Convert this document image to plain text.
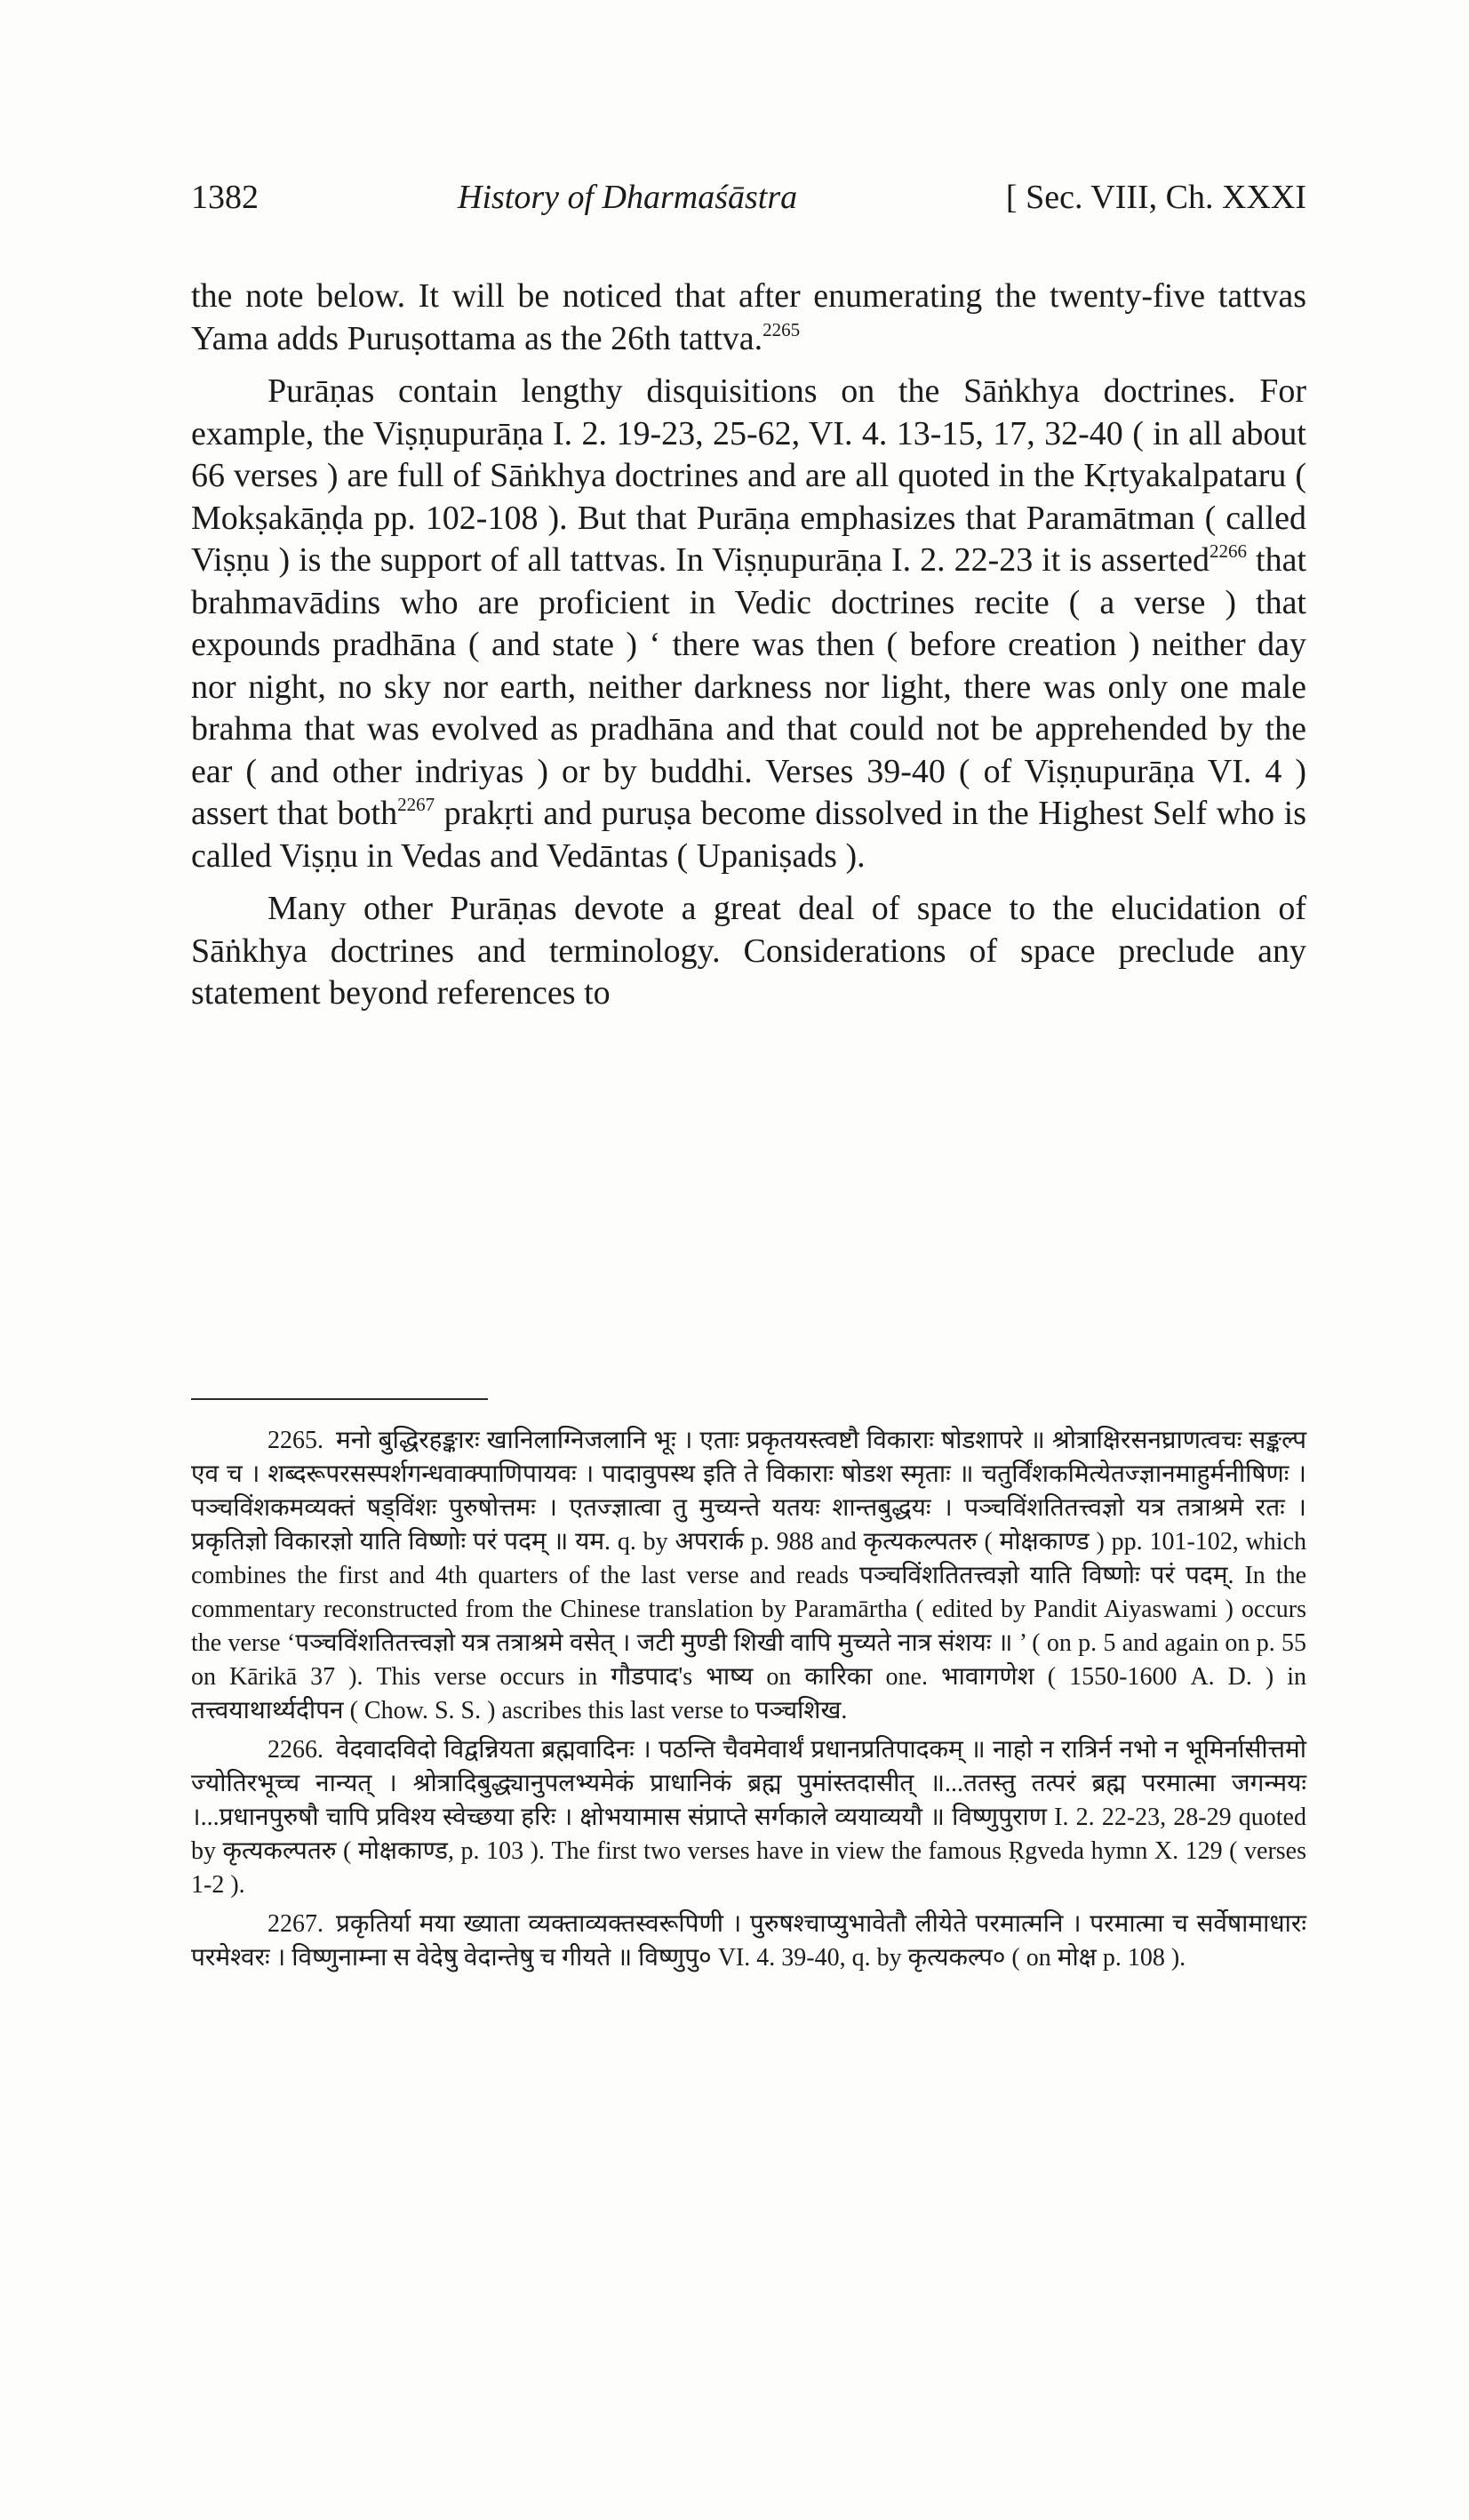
1382	History of Dharmaśāstra	[ Sec. VIII, Ch. XXXI

the note below. It will be noticed that after enumerating the twenty-five tattvas Yama adds Puruṣottama as the 26th tattva.$^{2265}$

Purāṇas contain lengthy disquisitions on the Sāṅkhya doctrines. For example, the Viṣṇupurāṇa I. 2. 19-23, 25-62, VI. 4. 13-15, 17, 32-40 ( in all about 66 verses ) are full of Sāṅkhya doctrines and are all quoted in the Kṛtyakalpataru ( Mokṣakāṇḍa pp. 102-108 ). But that Purāṇa emphasizes that Paramātman ( called Viṣṇu ) is the support of all tattvas. In Viṣṇupurāṇa I. 2. 22-23 it is asserted$^{2266}$ that brahmavādins who are proficient in Vedic doctrines recite ( a verse ) that expounds pradhāna ( and state ) ‘ there was then ( before creation ) neither day nor night, no sky nor earth, neither darkness nor light, there was only one male brahma that was evolved as pradhāna and that could not be apprehended by the ear ( and other indriyas ) or by buddhi. Verses 39-40 ( of Viṣṇupurāṇa VI. 4 ) assert that both$^{2267}$ prakṛti and puruṣa become dissolved in the Highest Self who is called Viṣṇu in Vedas and Vedāntas ( Upaniṣads ).

Many other Purāṇas devote a great deal of space to the elucidation of Sāṅkhya doctrines and terminology. Considerations of space preclude any statement beyond references to

2265. मनो बुद्धिरहङ्कारः खानिलाग्निजलानि भूः । एताः प्रकृतयस्त्वष्टौ विकाराः षोडशापरे ॥ श्रोत्राक्षिरसनघ्राणत्वचः सङ्कल्प एव च । शब्दरूपरसस्पर्शगन्धवाक्पाणिपायवः । पादावुपस्थ इति ते विकाराः षोडश स्मृताः ॥ चतुर्विंशकमित्येतज्ज्ञानमाहुर्मनीषिणः । पञ्चविंशकमव्यक्तं षड्विंशः पुरुषोत्तमः । एतज्ज्ञात्वा तु मुच्यन्ते यतयः शान्तबुद्धयः । पञ्चविंशतितत्त्वज्ञो यत्र तत्राश्रमे रतः । प्रकृतिज्ञो विकारज्ञो याति विष्णोः परं पदम् ॥ यम. q. by अपरार्क p. 988 and कृत्यकल्पतरु ( मोक्षकाण्ड ) pp. 101-102, which combines the first and 4th quarters of the last verse and reads पञ्चविंशतितत्त्वज्ञो याति विष्णोः परं पदम्. In the commentary reconstructed from the Chinese translation by Paramārtha ( edited by Pandit Aiyaswami ) occurs the verse ‘पञ्चविंशतितत्त्वज्ञो यत्र तत्राश्रमे वसेत् । जटी मुण्डी शिखी वापि मुच्यते नात्र संशयः ॥ ’ ( on p. 5 and again on p. 55 on Kārikā 37 ). This verse occurs in गौडपाद's भाष्य on कारिका one. भावागणेश ( 1550-1600 A. D. ) in तत्त्वयाथार्थ्यदीपन ( Chow. S. S. ) ascribes this last verse to पञ्चशिख.

2266. वेदवादविदो विद्वन्नियता ब्रह्मवादिनः । पठन्ति चैवमेवार्थं प्रधानप्रतिपादकम् ॥ नाहो न रात्रिर्न नभो न भूमिर्नासीत्तमो ज्योतिरभूच्च नान्यत् । श्रोत्रादिबुद्ध्यानुपलभ्यमेकं प्राधानिकं ब्रह्म पुमांस्तदासीत् ॥...ततस्तु तत्परं ब्रह्म परमात्मा जगन्मयः ।...प्रधानपुरुषौ चापि प्रविश्य स्वेच्छया हरिः । क्षोभयामास संप्राप्ते सर्गकाले व्ययाव्ययौ ॥ विष्णुपुराण I. 2. 22-23, 28-29 quoted by कृत्यकल्पतरु ( मोक्षकाण्ड, p. 103 ). The first two verses have in view the famous Ṛgveda hymn X. 129 ( verses 1-2 ).

2267. प्रकृतिर्या मया ख्याता व्यक्ताव्यक्तस्वरूपिणी । पुरुषश्चाप्युभावेतौ लीयेते परमात्मनि । परमात्मा च सर्वेषामाधारः परमेश्वरः । विष्णुनाम्ना स वेदेषु वेदान्तेषु च गीयते ॥ विष्णुपु० VI. 4. 39-40, q. by कृत्यकल्प० ( on मोक्ष p. 108 ).
